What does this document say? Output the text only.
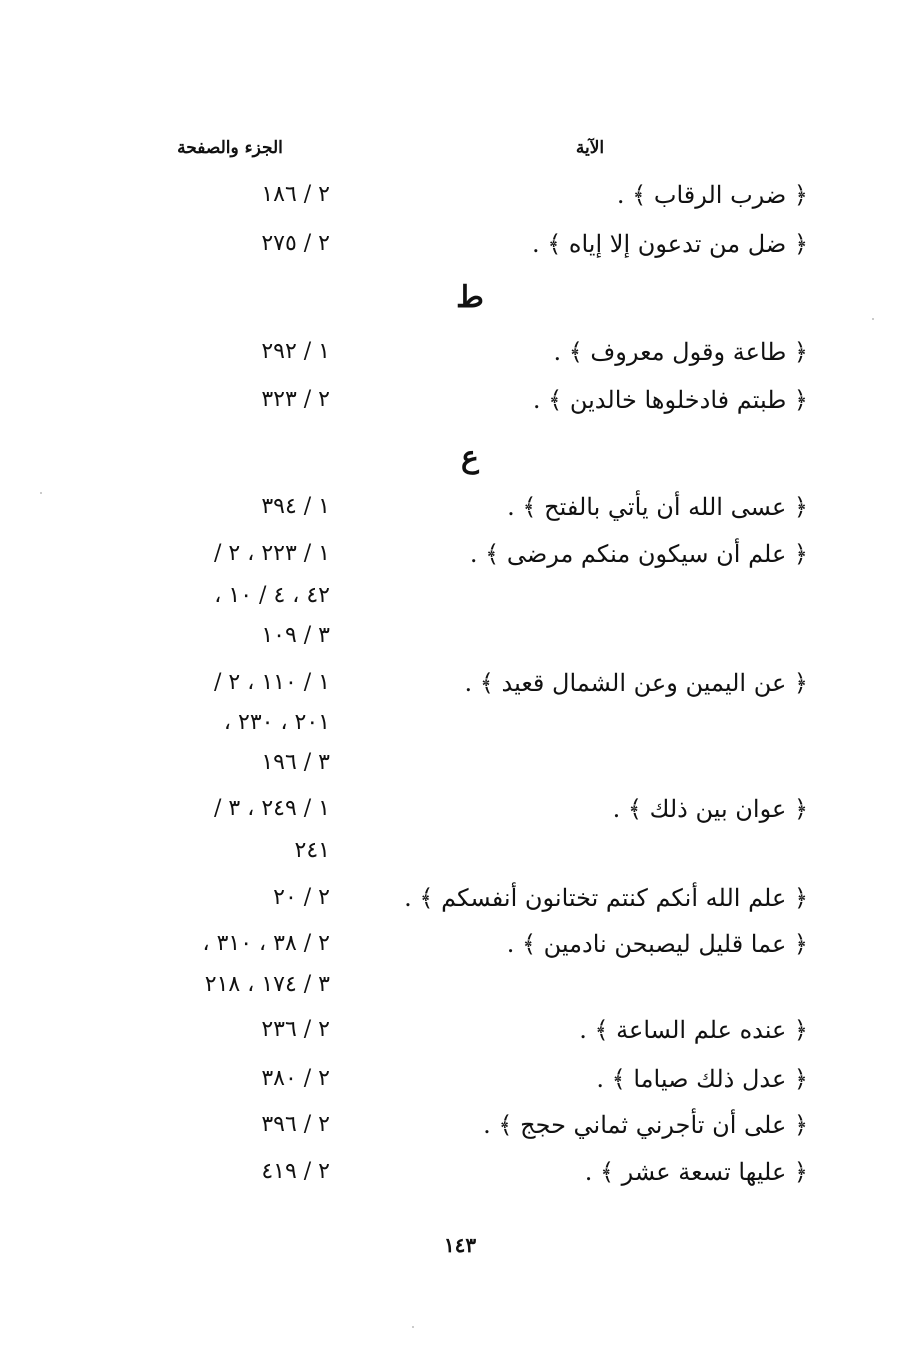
الآية
الجزء والصفحة
﴿ ضرب الرقاب ﴾ .
٢ / ١٨٦
﴿ ضل من تدعون إلا إياه ﴾ .
٢ / ٢٧٥
ط
﴿ طاعة وقول معروف ﴾ .
١ / ٢٩٢
﴿ طبتم فادخلوها خالدين ﴾ .
٢ / ٣٢٣
ع
﴿ عسى الله أن يأتي بالفتح ﴾ .
١ / ٣٩٤
﴿ علم أن سيكون منكم مرضى ﴾ .
١ / ٢٢٣ ، ٢ /
٤٢ ، ٤ / ١٠ ،
٣ / ١٠٩
﴿ عن اليمين وعن الشمال قعيد ﴾ .
١ / ١١٠ ، ٢ /
٢٠١ ، ٢٣٠ ،
٣ / ١٩٦
﴿ عوان بين ذلك ﴾ .
١ / ٢٤٩ ، ٣ /
٢٤١
﴿ علم الله أنكم كنتم تختانون أنفسكم ﴾ .
٢ / ٢٠
﴿ عما قليل ليصبحن نادمين ﴾ .
٢ / ٣٨ ، ٣١٠ ،
٣ / ١٧٤ ، ٢١٨
﴿ عنده علم الساعة ﴾ .
٢ / ٢٣٦
﴿ عدل ذلك صياما ﴾ .
٢ / ٣٨٠
﴿ على أن تأجرني ثماني حجج ﴾ .
٢ / ٣٩٦
﴿ عليها تسعة عشر ﴾ .
٢ / ٤١٩
١٤٣
